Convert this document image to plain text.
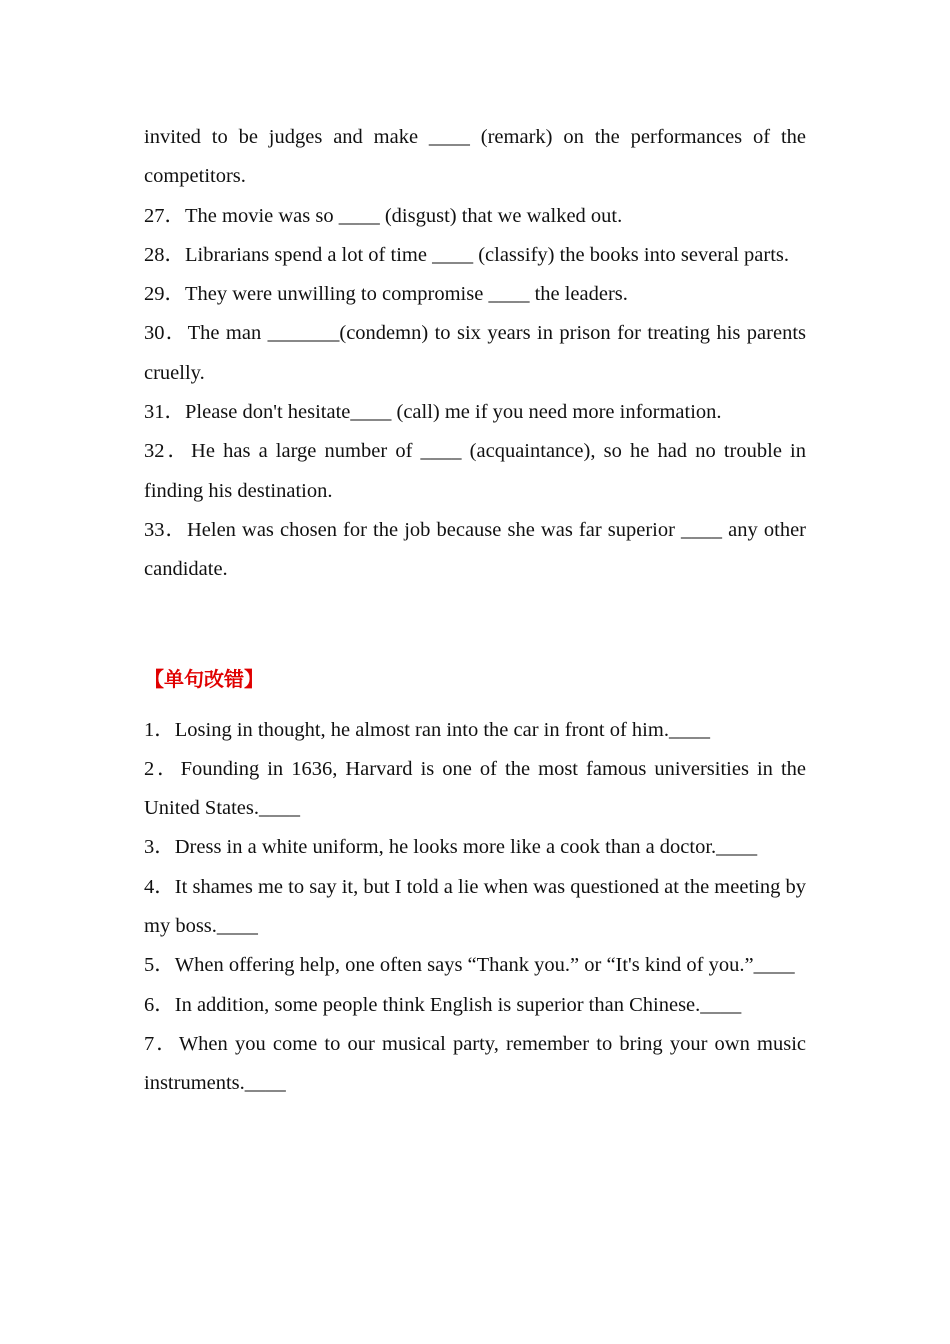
invited to be judges and make ____ (remark) on the performances of the competitors.

27．The movie was so ____ (disgust) that we walked out.

28．Librarians spend a lot of time ____ (classify) the books into several parts.

29．They were unwilling to compromise ____ the leaders.

30．The man _______(condemn) to six years in prison for treating his parents cruelly.

31．Please don't hesitate____ (call) me if you need more information.

32．He has a large number of ____ (acquaintance), so he had no trouble in finding his destination.

33．Helen was chosen for the job because she was far superior ____ any other candidate.

【单句改错】

1．Losing in thought, he almost ran into the car in front of him.____

2．Founding in 1636, Harvard is one of the most famous universities in the United States.____

3．Dress in a white uniform, he looks more like a cook than a doctor.____

4．It shames me to say it, but I told a lie when was questioned at the meeting by my boss.____

5．When offering help, one often says “Thank you.” or “It's kind of you.”____

6．In addition, some people think English is superior than Chinese.____

7．When you come to our musical party, remember to bring your own music instruments.____
